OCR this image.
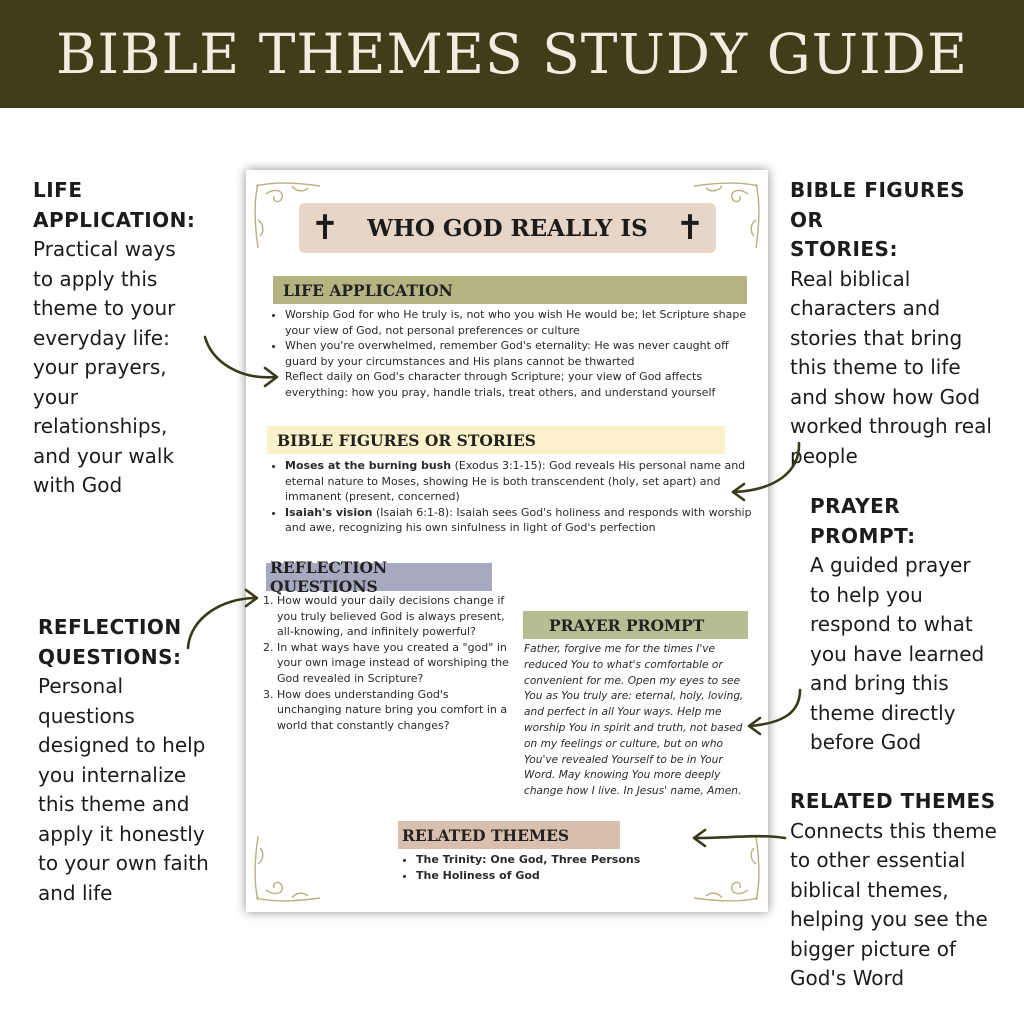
BIBLE THEMES STUDY GUIDE
LIFE
APPLICATION:
Practical ways
to apply this
theme to your
everyday life:
your prayers,
your
relationships,
and your walk
with God
REFLECTION
QUESTIONS:
Personal
questions
designed to help
you internalize
this theme and
apply it honestly
to your own faith
and life
BIBLE FIGURES OR
STORIES:
Real biblical
characters and
stories that bring
this theme to life
and show how God
worked through real
people
PRAYER
PROMPT:
A guided prayer
to help you
respond to what
you have learned
and bring this
theme directly
before God
RELATED THEMES
Connects this theme
to other essential
biblical themes,
helping you see the
bigger picture of
God's Word
✝ WHO GOD REALLY IS ✝
LIFE APPLICATION
• Worship God for who He truly is, not who you wish He would be; let Scripture shape your view of God, not personal preferences or culture
• When you're overwhelmed, remember God's eternality: He was never caught off guard by your circumstances and His plans cannot be thwarted
• Reflect daily on God's character through Scripture; your view of God affects everything: how you pray, handle trials, treat others, and understand yourself
BIBLE FIGURES OR STORIES
• Moses at the burning bush (Exodus 3:1-15): God reveals His personal name and eternal nature to Moses, showing He is both transcendent (holy, set apart) and immanent (present, concerned)
• Isaiah's vision (Isaiah 6:1-8): Isaiah sees God's holiness and responds with worship and awe, recognizing his own sinfulness in light of God's perfection
REFLECTION QUESTIONS
1. How would your daily decisions change if you truly believed God is always present, all-knowing, and infinitely powerful?
2. In what ways have you created a "god" in your own image instead of worshiping the God revealed in Scripture?
3. How does understanding God's unchanging nature bring you comfort in a world that constantly changes?
PRAYER PROMPT
Father, forgive me for the times I've reduced You to what's comfortable or convenient for me. Open my eyes to see You as You truly are: eternal, holy, loving, and perfect in all Your ways. Help me worship You in spirit and truth, not based on my feelings or culture, but on who You've revealed Yourself to be in Your Word. May knowing You more deeply change how I live. In Jesus' name, Amen.
RELATED THEMES
• The Trinity: One God, Three Persons
• The Holiness of God
